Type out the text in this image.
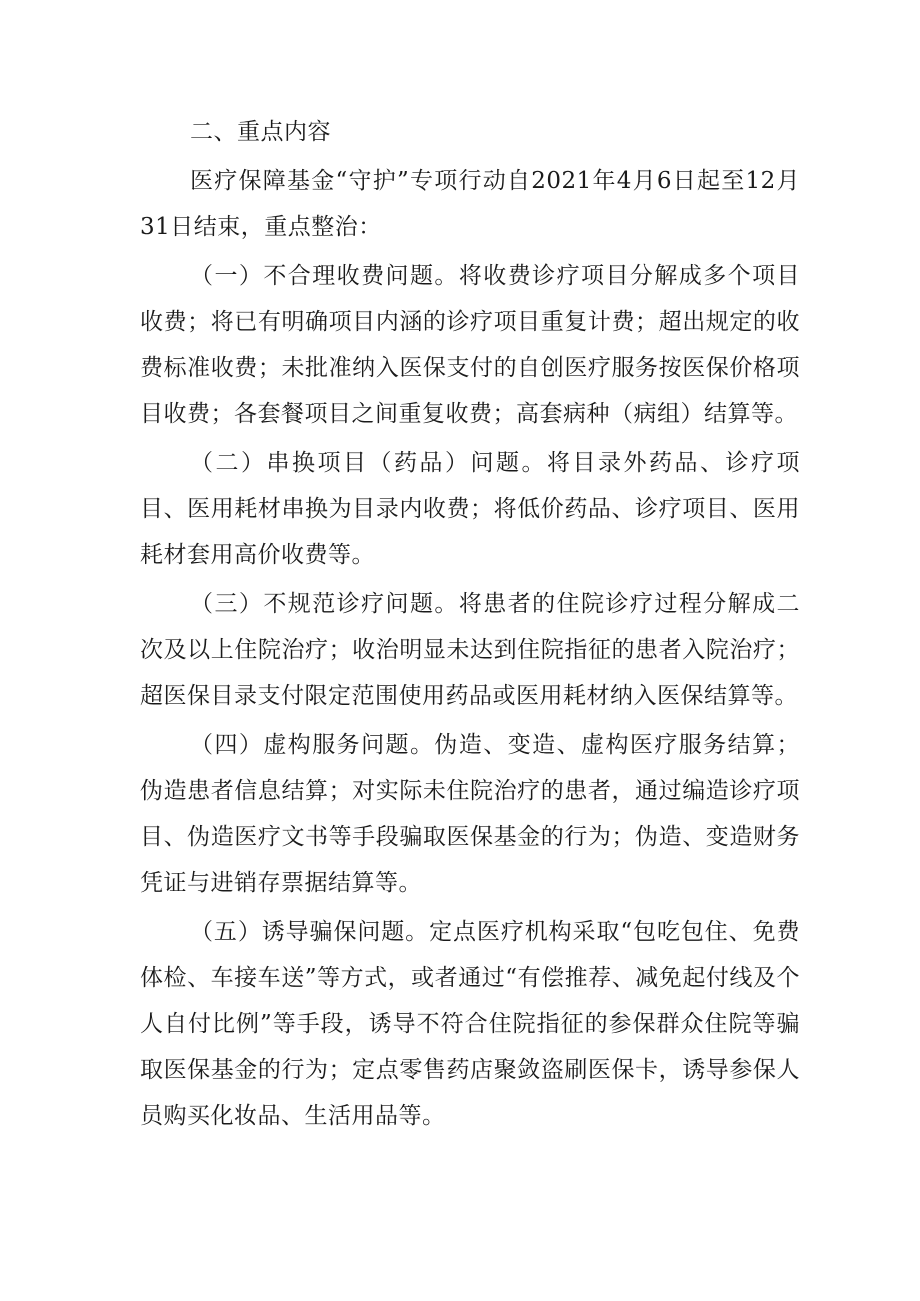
二、重点内容

医疗保障基金“守护”专项行动自2021年4月6日起至12月31日结束，重点整治：

（一）不合理收费问题。将收费诊疗项目分解成多个项目收费；将已有明确项目内涵的诊疗项目重复计费；超出规定的收费标准收费；未批准纳入医保支付的自创医疗服务按医保价格项目收费；各套餐项目之间重复收费；高套病种（病组）结算等。

（二）串换项目（药品）问题。将目录外药品、诊疗项目、医用耗材串换为目录内收费；将低价药品、诊疗项目、医用耗材套用高价收费等。

（三）不规范诊疗问题。将患者的住院诊疗过程分解成二次及以上住院治疗；收治明显未达到住院指征的患者入院治疗；超医保目录支付限定范围使用药品或医用耗材纳入医保结算等。

（四）虚构服务问题。伪造、变造、虚构医疗服务结算；伪造患者信息结算；对实际未住院治疗的患者，通过编造诊疗项目、伪造医疗文书等手段骗取医保基金的行为；伪造、变造财务凭证与进销存票据结算等。

（五）诱导骗保问题。定点医疗机构采取“包吃包住、免费体检、车接车送”等方式，或者通过“有偿推荐、减免起付线及个人自付比例”等手段，诱导不符合住院指征的参保群众住院等骗取医保基金的行为；定点零售药店聚敛盗刷医保卡，诱导参保人员购买化妆品、生活用品等。
